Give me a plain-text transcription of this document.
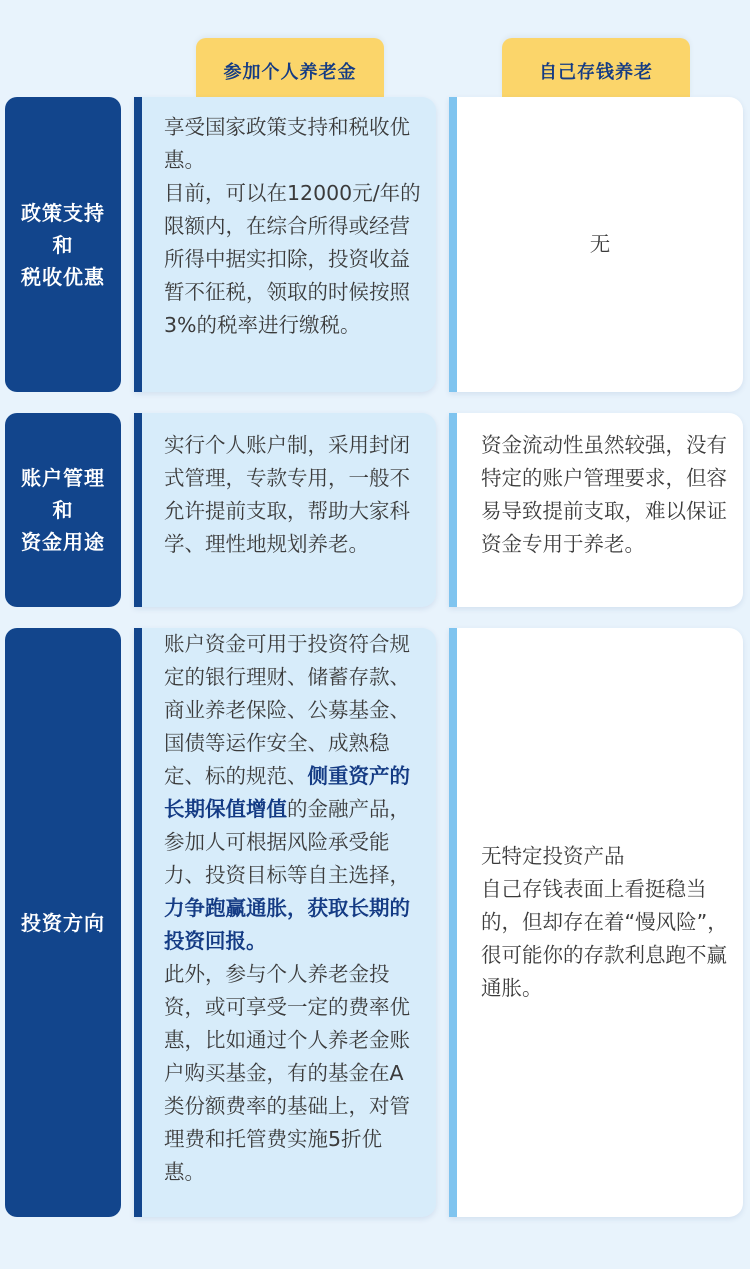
参加个人养老金	自己存钱养老
政策支持
和
税收优惠
享受国家政策支持和税收优惠。
目前，可以在12000元/年的限额内，在综合所得或经营所得中据实扣除，投资收益暂不征税，领取的时候按照3%的税率进行缴税。
无
账户管理
和
资金用途
实行个人账户制，采用封闭式管理，专款专用，一般不允许提前支取，帮助大家科学、理性地规划养老。
资金流动性虽然较强，没有特定的账户管理要求，但容易导致提前支取，难以保证资金专用于养老。
投资方向
账户资金可用于投资符合规定的银行理财、储蓄存款、商业养老保险、公募基金、国债等运作安全、成熟稳定、标的规范、侧重资产的长期保值增值的金融产品，参加人可根据风险承受能力、投资目标等自主选择，力争跑赢通胀，获取长期的投资回报。
此外，参与个人养老金投资，或可享受一定的费率优惠，比如通过个人养老金账户购买基金，有的基金在A类份额费率的基础上，对管理费和托管费实施5折优惠。
无特定投资产品
自己存钱表面上看挺稳当的，但却存在着“慢风险”，很可能你的存款利息跑不赢通胀。
